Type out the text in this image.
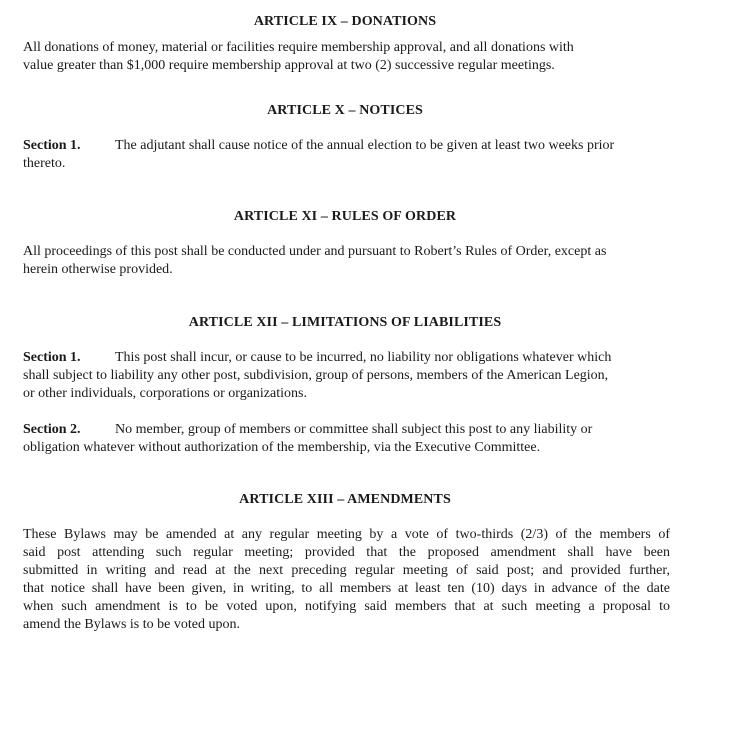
ARTICLE IX – DONATIONS
All donations of money, material or facilities require membership approval, and all donations with
value greater than $1,000 require membership approval at two (2) successive regular meetings.
ARTICLE X – NOTICES
Section 1. The adjutant shall cause notice of the annual election to be given at least two weeks prior
thereto.
ARTICLE XI – RULES OF ORDER
All proceedings of this post shall be conducted under and pursuant to Robert’s Rules of Order, except as
herein otherwise provided.
ARTICLE XII – LIMITATIONS OF LIABILITIES
Section 1. This post shall incur, or cause to be incurred, no liability nor obligations whatever which
shall subject to liability any other post, subdivision, group of persons, members of the American Legion,
or other individuals, corporations or organizations.
Section 2. No member, group of members or committee shall subject this post to any liability or
obligation whatever without authorization of the membership, via the Executive Committee.
ARTICLE XIII – AMENDMENTS
These Bylaws may be amended at any regular meeting by a vote of two-thirds (2/3) of the members of
said post attending such regular meeting; provided that the proposed amendment shall have been
submitted in writing and read at the next preceding regular meeting of said post; and provided further,
that notice shall have been given, in writing, to all members at least ten (10) days in advance of the date
when such amendment is to be voted upon, notifying said members that at such meeting a proposal to
amend the Bylaws is to be voted upon.
